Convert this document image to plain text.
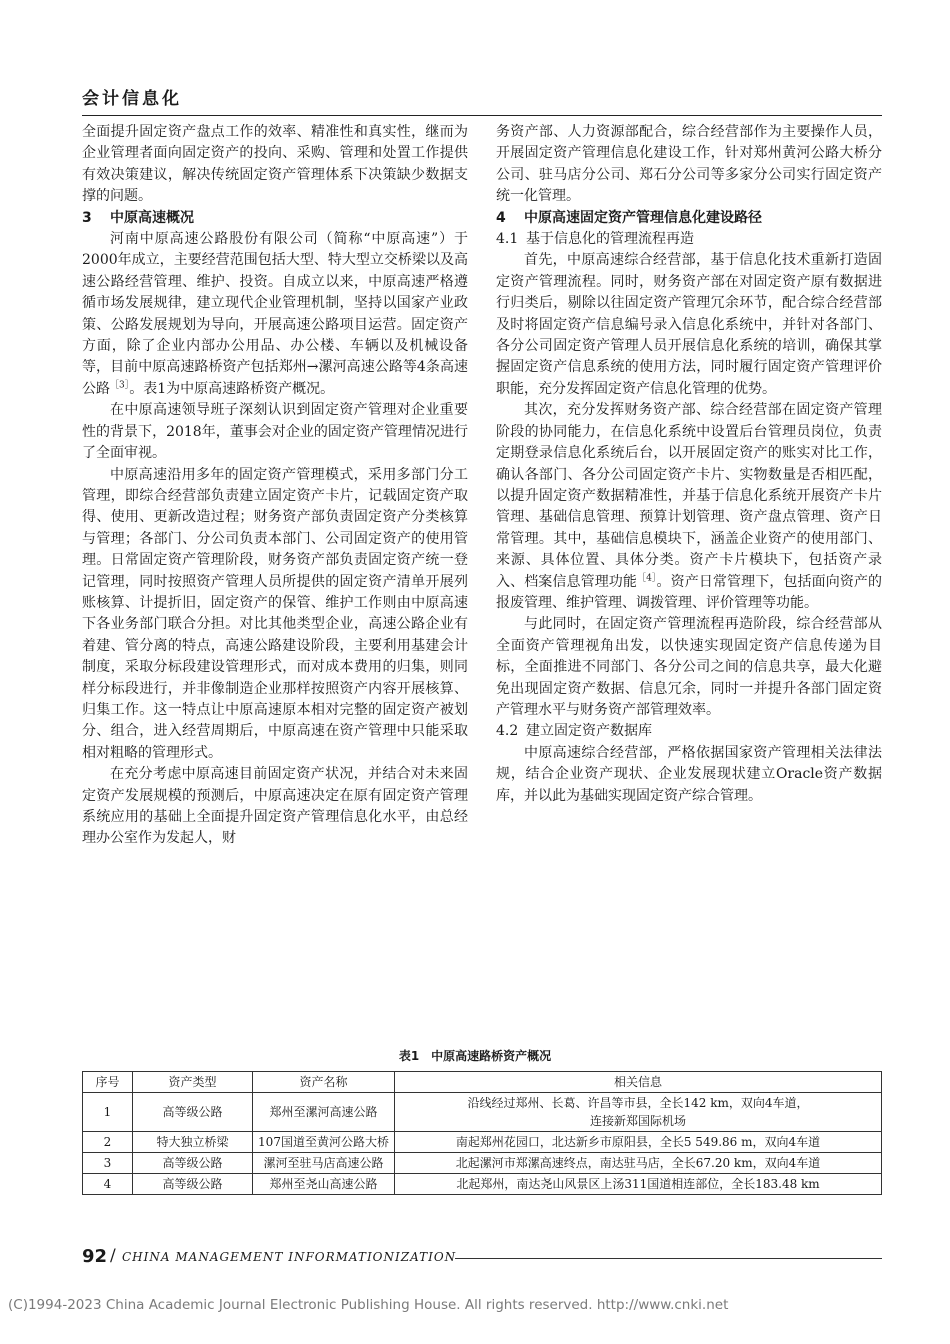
会计信息化

全面提升固定资产盘点工作的效率、精准性和真实性，继而为企业管理者面向固定资产的投向、采购、管理和处置工作提供有效决策建议，解决传统固定资产管理体系下决策缺少数据支撑的问题。

3 中原高速概况

河南中原高速公路股份有限公司（简称“中原高速”）于2000年成立，主要经营范围包括大型、特大型立交桥梁以及高速公路经营管理、维护、投资。自成立以来，中原高速严格遵循市场发展规律，建立现代企业管理机制，坚持以国家产业政策、公路发展规划为导向，开展高速公路项目运营。固定资产方面，除了企业内部办公用品、办公楼、车辆以及机械设备等，目前中原高速路桥资产包括郑州→漯河高速公路等4条高速公路$^{[3]}$。表1为中原高速路桥资产概况。

在中原高速领导班子深刻认识到固定资产管理对企业重要性的背景下，2018年，董事会对企业的固定资产管理情况进行了全面审视。

中原高速沿用多年的固定资产管理模式，采用多部门分工管理，即综合经营部负责建立固定资产卡片，记载固定资产取得、使用、更新改造过程；财务资产部负责固定资产分类核算与管理；各部门、分公司负责本部门、公司固定资产的使用管理。日常固定资产管理阶段，财务资产部负责固定资产统一登记管理，同时按照资产管理人员所提供的固定资产清单开展列账核算、计提折旧，固定资产的保管、维护工作则由中原高速下各业务部门联合分担。对比其他类型企业，高速公路企业有着建、管分离的特点，高速公路建设阶段，主要利用基建会计制度，采取分标段建设管理形式，而对成本费用的归集，则同样分标段进行，并非像制造企业那样按照资产内容开展核算、归集工作。这一特点让中原高速原本相对完整的固定资产被划分、组合，进入经营周期后，中原高速在资产管理中只能采取相对粗略的管理形式。

在充分考虑中原高速目前固定资产状况，并结合对未来固定资产发展规模的预测后，中原高速决定在原有固定资产管理系统应用的基础上全面提升固定资产管理信息化水平，由总经理办公室作为发起人，财

务资产部、人力资源部配合，综合经营部作为主要操作人员，开展固定资产管理信息化建设工作，针对郑州黄河公路大桥分公司、驻马店分公司、郑石分公司等多家分公司实行固定资产统一化管理。

4 中原高速固定资产管理信息化建设路径
4.1 基于信息化的管理流程再造

首先，中原高速综合经营部，基于信息化技术重新打造固定资产管理流程。同时，财务资产部在对固定资产原有数据进行归类后，剔除以往固定资产管理冗余环节，配合综合经营部及时将固定资产信息编号录入信息化系统中，并针对各部门、各分公司固定资产管理人员开展信息化系统的培训，确保其掌握固定资产信息系统的使用方法，同时履行固定资产管理评价职能，充分发挥固定资产信息化管理的优势。

其次，充分发挥财务资产部、综合经营部在固定资产管理阶段的协同能力，在信息化系统中设置后台管理员岗位，负责定期登录信息化系统后台，以开展固定资产的账实对比工作，确认各部门、各分公司固定资产卡片、实物数量是否相匹配，以提升固定资产数据精准性，并基于信息化系统开展资产卡片管理、基础信息管理、预算计划管理、资产盘点管理、资产日常管理。其中，基础信息模块下，涵盖企业资产的使用部门、来源、具体位置、具体分类。资产卡片模块下，包括资产录入、档案信息管理功能$^{[4]}$。资产日常管理下，包括面向资产的报废管理、维护管理、调拨管理、评价管理等功能。

与此同时，在固定资产管理流程再造阶段，综合经营部从全面资产管理视角出发，以快速实现固定资产信息传递为目标，全面推进不同部门、各分公司之间的信息共享，最大化避免出现固定资产数据、信息冗余，同时一并提升各部门固定资产管理水平与财务资产部管理效率。

4.2 建立固定资产数据库

中原高速综合经营部，严格依据国家资产管理相关法律法规，结合企业资产现状、企业发展现状建立Oracle资产数据库，并以此为基础实现固定资产综合管理。

表1 中原高速路桥资产概况
序号	资产类型	资产名称	相关信息
1	高等级公路	郑州至漯河高速公路	沿线经过郑州、长葛、许昌等市县，全长142 km，双向4车道，
连接新郑国际机场

2	特大独立桥梁	107国道至黄河公路大桥	南起郑州花园口，北达新乡市原阳县，全长5 549.86 m，双向4车道
3	高等级公路	漯河至驻马店高速公路	北起漯河市郑漯高速终点，南达驻马店，全长67.20 km，双向4车道
4	高等级公路	郑州至尧山高速公路	北起郑州，南达尧山风景区上汤311国道相连部位，全长183.48 km
92 / CHINA MANAGEMENT INFORMATIONIZATION
(C)1994-2023 China Academic Journal Electronic Publishing House. All rights reserved. http://www.cnki.net
